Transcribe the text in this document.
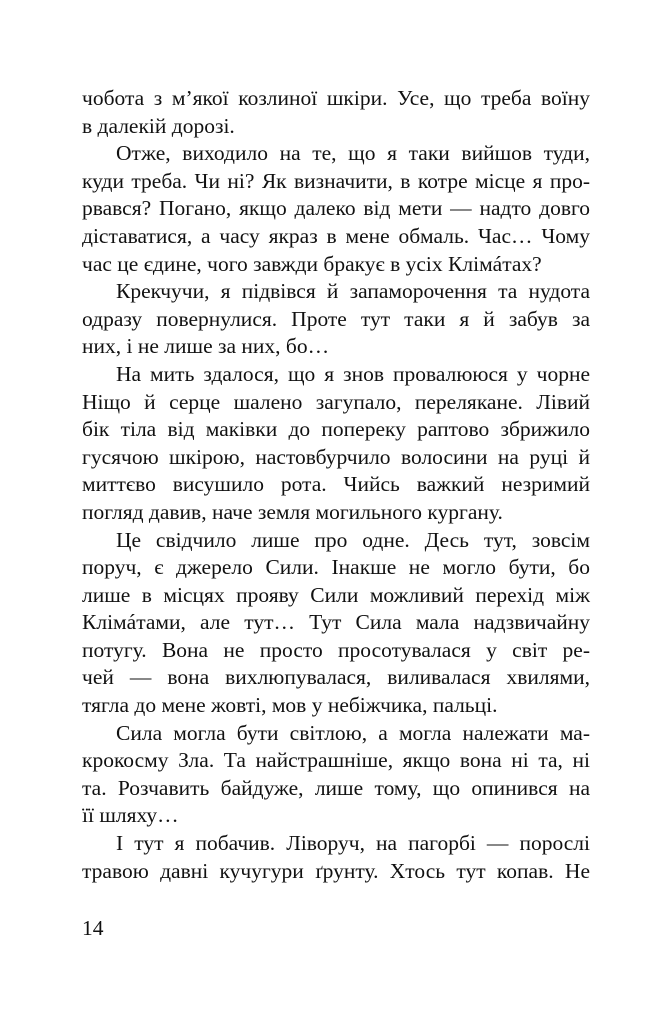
чобота з м’якої козлиної шкіри. Усе, що треба воїну
в далекій дорозі.
Отже, виходило на те, що я таки вийшов туди,
куди треба. Чи ні? Як визначити, в котре місце я про-
рвався? Погано, якщо далеко від мети — надто довго
діставатися, а часу якраз в мене обмаль. Час… Чому
час це єдине, чого завжди бракує в усіх Клімáтах?
Крекчучи, я підвівся й запаморочення та нудота
одразу повернулися. Проте тут таки я й забув за
них, і не лише за них, бо…
На мить здалося, що я знов провалююся у чорне
Ніщо й серце шалено загупало, перелякане. Лівий
бік тіла від маківки до попереку раптово збрижило
гусячою шкірою, настовбурчило волосини на руці й
миттєво висушило рота. Чийсь важкий незримий
погляд давив, наче земля могильного кургану.
Це свідчило лише про одне. Десь тут, зовсім
поруч, є джерело Сили. Інакше не могло бути, бо
лише в місцях прояву Сили можливий перехід між
Клімáтами, але тут… Тут Сила мала надзвичайну
потугу. Вона не просто просотувалася у світ ре-
чей — вона вихлюпувалася, виливалася хвилями,
тягла до мене жовті, мов у небіжчика, пальці.
Сила могла бути світлою, а могла належати ма-
крокосму Зла. Та найстрашніше, якщо вона ні та, ні
та. Розчавить байдуже, лише тому, що опинився на
її шляху…
І тут я побачив. Ліворуч, на пагорбі — порослі
травою давні кучугури ґрунту. Хтось тут копав. Не
14
